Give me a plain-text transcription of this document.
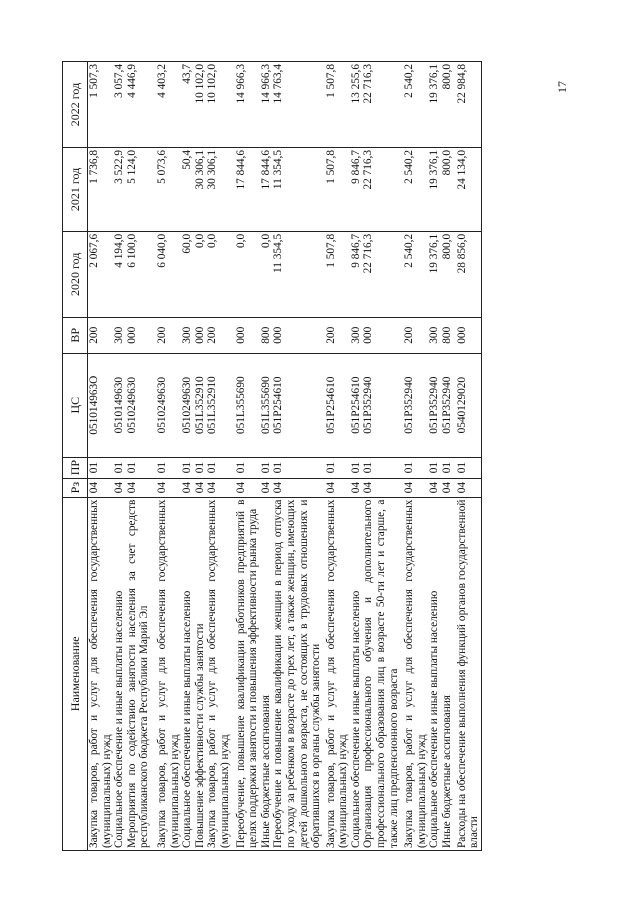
17
Наименование	Рз	ПР	ЦС	ВР	2020 год	2021 год	2022 год
Закупка товаров, работ и услуг для обеспечения государственных (муниципальных) нужд	04	01	051014963О	200	2 067,6	1 736,8	1 507,3
Социальное обеспечение и иные выплаты населению	04	01	0510149630	300	4 194,0	3 522,9	3 057,4
Мероприятия по содействию занятости населения за счет средств республиканского бюджета Республики Марий Эл	04	01	0510249630	000	6 100,0	5 124,0	4 446,9
Закупка товаров, работ и услуг для обеспечения государственных (муниципальных) нужд	04	01	0510249630	200	6 040,0	5 073,6	4 403,2
Социальное обеспечение и иные выплаты населению	04	01	0510249630	300	60,0	50,4	43,7
Повышение эффективности службы занятости	04	01	051L352910	000	0,0	30 306,1	10 102,0
Закупка товаров, работ и услуг для обеспечения государственных (муниципальных) нужд	04	01	051L352910	200	0,0	30 306,1	10 102,0
Переобучение, повышение квалификации работников предприятий в целях поддержки занятости и повышения эффективности рынка труда	04	01	051L355690	000	0,0	17 844,6	14 966,3
Иные бюджетные ассигнования	04	01	051L355690	800	0,0	17 844,6	14 966,3
Переобучение и повышение квалификации женщин в период отпуска по уходу за ребенком в возрасте до трех лет, а также женщин, имеющих детей дошкольного возраста, не состоящих в трудовых отношениях и обратившихся в органы службы занятости	04	01	051P254610	000	11 354,5	11 354,5	14 763,4
Закупка товаров, работ и услуг для обеспечения государственных (муниципальных) нужд	04	01	051P254610	200	1 507,8	1 507,8	1 507,8
Социальное обеспечение и иные выплаты населению	04	01	051P254610	300	9 846,7	9 846,7	13 255,6
Организация профессионального обучения и дополнительного профессионального образования лиц в возрасте 50-ти лет и старше, а также лиц предпенсионного возраста	04	01	051P352940	000	22 716,3	22 716,3	22 716,3
Закупка товаров, работ и услуг для обеспечения государственных (муниципальных) нужд	04	01	051P352940	200	2 540,2	2 540,2	2 540,2
Социальное обеспечение и иные выплаты населению	04	01	051P352940	300	19 376,1	19 376,1	19 376,1
Иные бюджетные ассигнования	04	01	051P352940	800	800,0	800,0	800,0
Расходы на обеспечение выполнения функций органов государственной власти	04	01	0540129020	000	28 856,0	24 134,0	22 984,8
